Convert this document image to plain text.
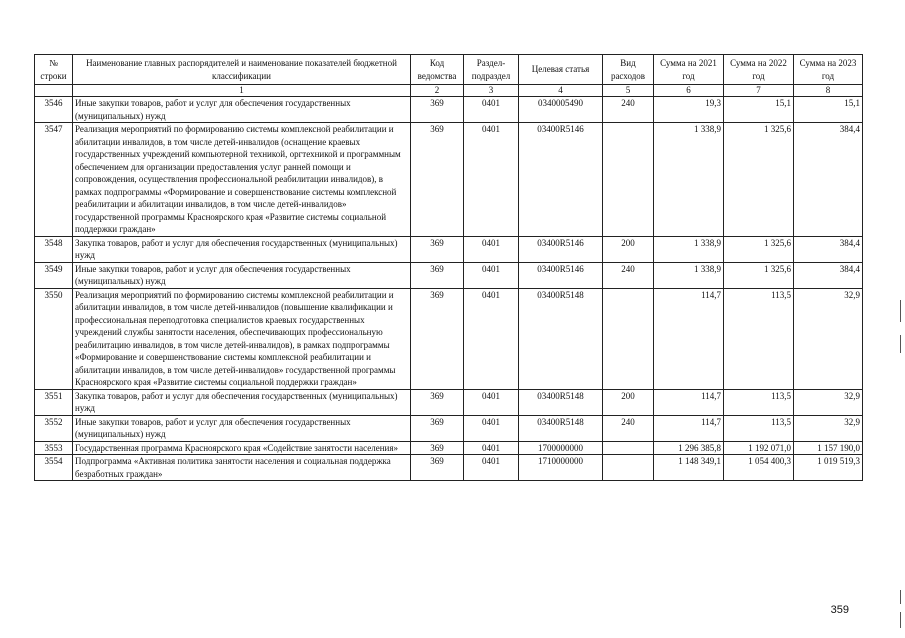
№ строки	Наименование главных распорядителей и наименование показателей бюджетной классификации	Код ведомства	Раздел-подраздел	Целевая статья	Вид расходов	Сумма на 2021 год	Сумма на 2022 год	Сумма на 2023 год
	1	2	3	4	5	6	7	8
3546	Иные закупки товаров, работ и услуг для обеспечения государственных (муниципальных) нужд	369	0401	0340005490	240	19,3	15,1	15,1
3547	Реализация мероприятий по формированию системы комплексной реабилитации и абилитации инвалидов, в том числе детей-инвалидов (оснащение краевых государственных учреждений компьютерной техникой, оргтехникой и программным обеспечением для организации предоставления услуг ранней помощи и сопровождения, осуществления профессиональной реабилитации инвалидов), в рамках подпрограммы «Формирование и совершенствование системы комплексной реабилитации и абилитации инвалидов, в том числе детей-инвалидов» государственной программы Красноярского края «Развитие системы социальной поддержки граждан»	369	0401	03400R5146		1 338,9	1 325,6	384,4
3548	Закупка товаров, работ и услуг для обеспечения государственных (муниципальных) нужд	369	0401	03400R5146	200	1 338,9	1 325,6	384,4
3549	Иные закупки товаров, работ и услуг для обеспечения государственных (муниципальных) нужд	369	0401	03400R5146	240	1 338,9	1 325,6	384,4
3550	Реализация мероприятий по формированию системы комплексной реабилитации и абилитации инвалидов, в том числе детей-инвалидов (повышение квалификации и профессиональная переподготовка специалистов краевых государственных учреждений службы занятости населения, обеспечивающих профессиональную реабилитацию инвалидов, в том числе детей-инвалидов), в рамках подпрограммы «Формирование и совершенствование системы комплексной реабилитации и абилитации инвалидов, в том числе детей-инвалидов» государственной программы Красноярского края «Развитие системы социальной поддержки граждан»	369	0401	03400R5148		114,7	113,5	32,9
3551	Закупка товаров, работ и услуг для обеспечения государственных (муниципальных) нужд	369	0401	03400R5148	200	114,7	113,5	32,9
3552	Иные закупки товаров, работ и услуг для обеспечения государственных (муниципальных) нужд	369	0401	03400R5148	240	114,7	113,5	32,9
3553	Государственная программа Красноярского края «Содействие занятости населения»	369	0401	1700000000		1 296 385,8	1 192 071,0	1 157 190,0
3554	Подпрограмма «Активная политика занятости населения и социальная поддержка безработных граждан»	369	0401	1710000000		1 148 349,1	1 054 400,3	1 019 519,3
359
